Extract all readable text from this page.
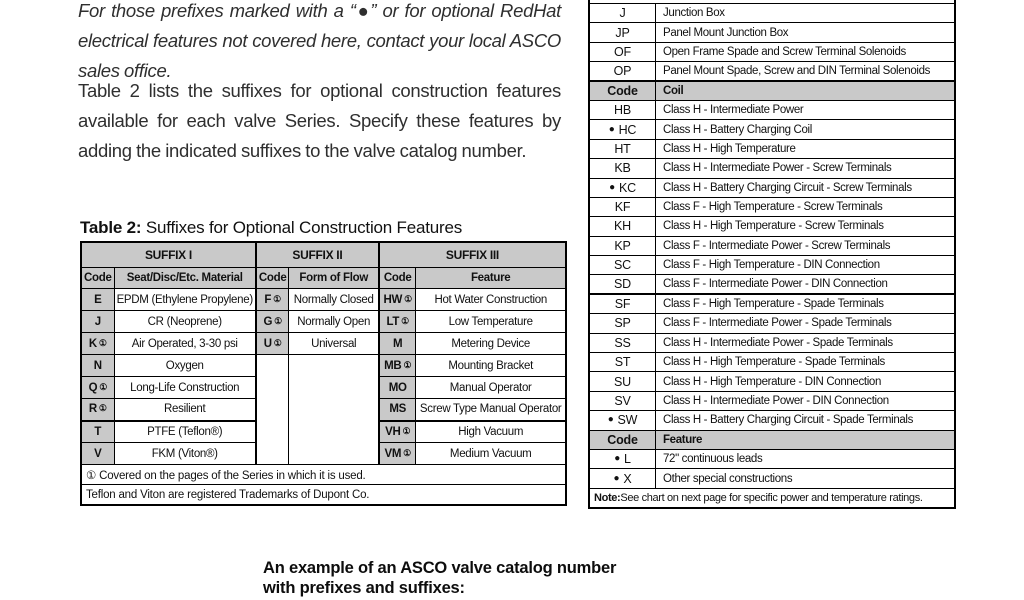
For those prefixes marked with a “●” or for optional RedHat electrical features not covered here, contact your local ASCO sales office.
Table 2 lists the suffixes for optional construction features available for each valve Series. Specify these features by adding the indicated suffixes to the valve catalog number.
Table 2: Suffixes for Optional Construction Features
SUFFIX I		SUFFIX II		SUFFIX III	
Code	Seat/Disc/Etc. Material	Code	Form of Flow	Code	Feature
E	EPDM (Ethylene Propylene)	F ①	Normally Closed	HW ①	Hot Water Construction
J	CR (Neoprene)	G ①	Normally Open	LT ①	Low Temperature
K ①	Air Operated, 3-30 psi	U ①	Universal	M	Metering Device
N	Oxygen			MB ①	Mounting Bracket
Q ①	Long-Life Construction			MO	Manual Operator
R ①	Resilient			MS	Screw Type Manual Operator
T	PTFE (Teflon®)			VH ①	High Vacuum
V	FKM (Viton®)			VM ①	Medium Vacuum
① Covered on the pages of the Series in which it is used.					
Teflon and Viton are registered Trademarks of Dupont Co.					
J	Junction Box
JP	Panel Mount Junction Box
OF	Open Frame Spade and Screw Terminal Solenoids
OP	Panel Mount Spade, Screw and DIN Terminal Solenoids
Code	Coil
HB	Class H - Intermediate Power
● HC	Class H - Battery Charging Coil
HT	Class H - High Temperature
KB	Class H - Intermediate Power - Screw Terminals
● KC	Class H - Battery Charging Circuit - Screw Terminals
KF	Class F - High Temperature - Screw Terminals
KH	Class H - High Temperature - Screw Terminals
KP	Class F - Intermediate Power - Screw Terminals
SC	Class F - High Temperature - DIN Connection
SD	Class F - Intermediate Power - DIN Connection
SF	Class F - High Temperature - Spade Terminals
SP	Class F - Intermediate Power - Spade Terminals
SS	Class H - Intermediate Power - Spade Terminals
ST	Class H - High Temperature - Spade Terminals
SU	Class H - High Temperature - DIN Connection
SV	Class H - Intermediate Power - DIN Connection
● SW	Class H - Battery Charging Circuit - Spade Terminals
Code	Feature
● L	72" continuous leads
● X	Other special constructions
Note: See chart on next page for specific power and temperature ratings.
An example of an ASCO valve catalog number
with prefixes and suffixes:
